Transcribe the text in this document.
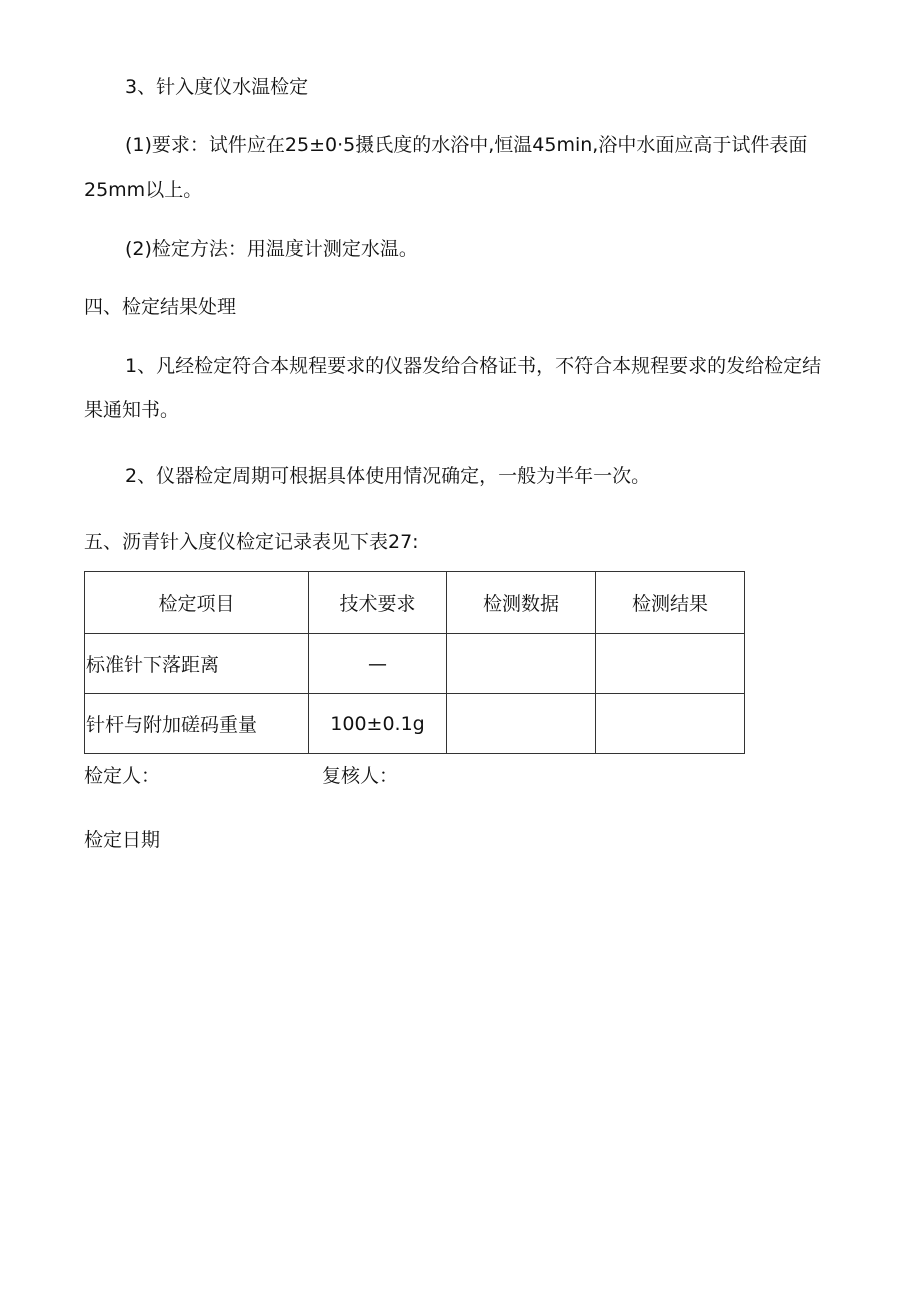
3、针入度仪水温检定
(1)要求：试件应在25±0·5摄氏度的水浴中,恒温45min,浴中水面应高于试件表面
25mm以上。
(2)检定方法：用温度计测定水温。
四、检定结果处理
1、凡经检定符合本规程要求的仪器发给合格证书，不符合本规程要求的发给检定结
果通知书。
2、仪器检定周期可根据具体使用情况确定，一般为半年一次。
五、沥青针入度仪检定记录表见下表27:
检定项目	技术要求	检测数据	检测结果
标准针下落距离	—		
针杆与附加磋码重量	100±0.1g		
检定人：	复核人：
检定日期
